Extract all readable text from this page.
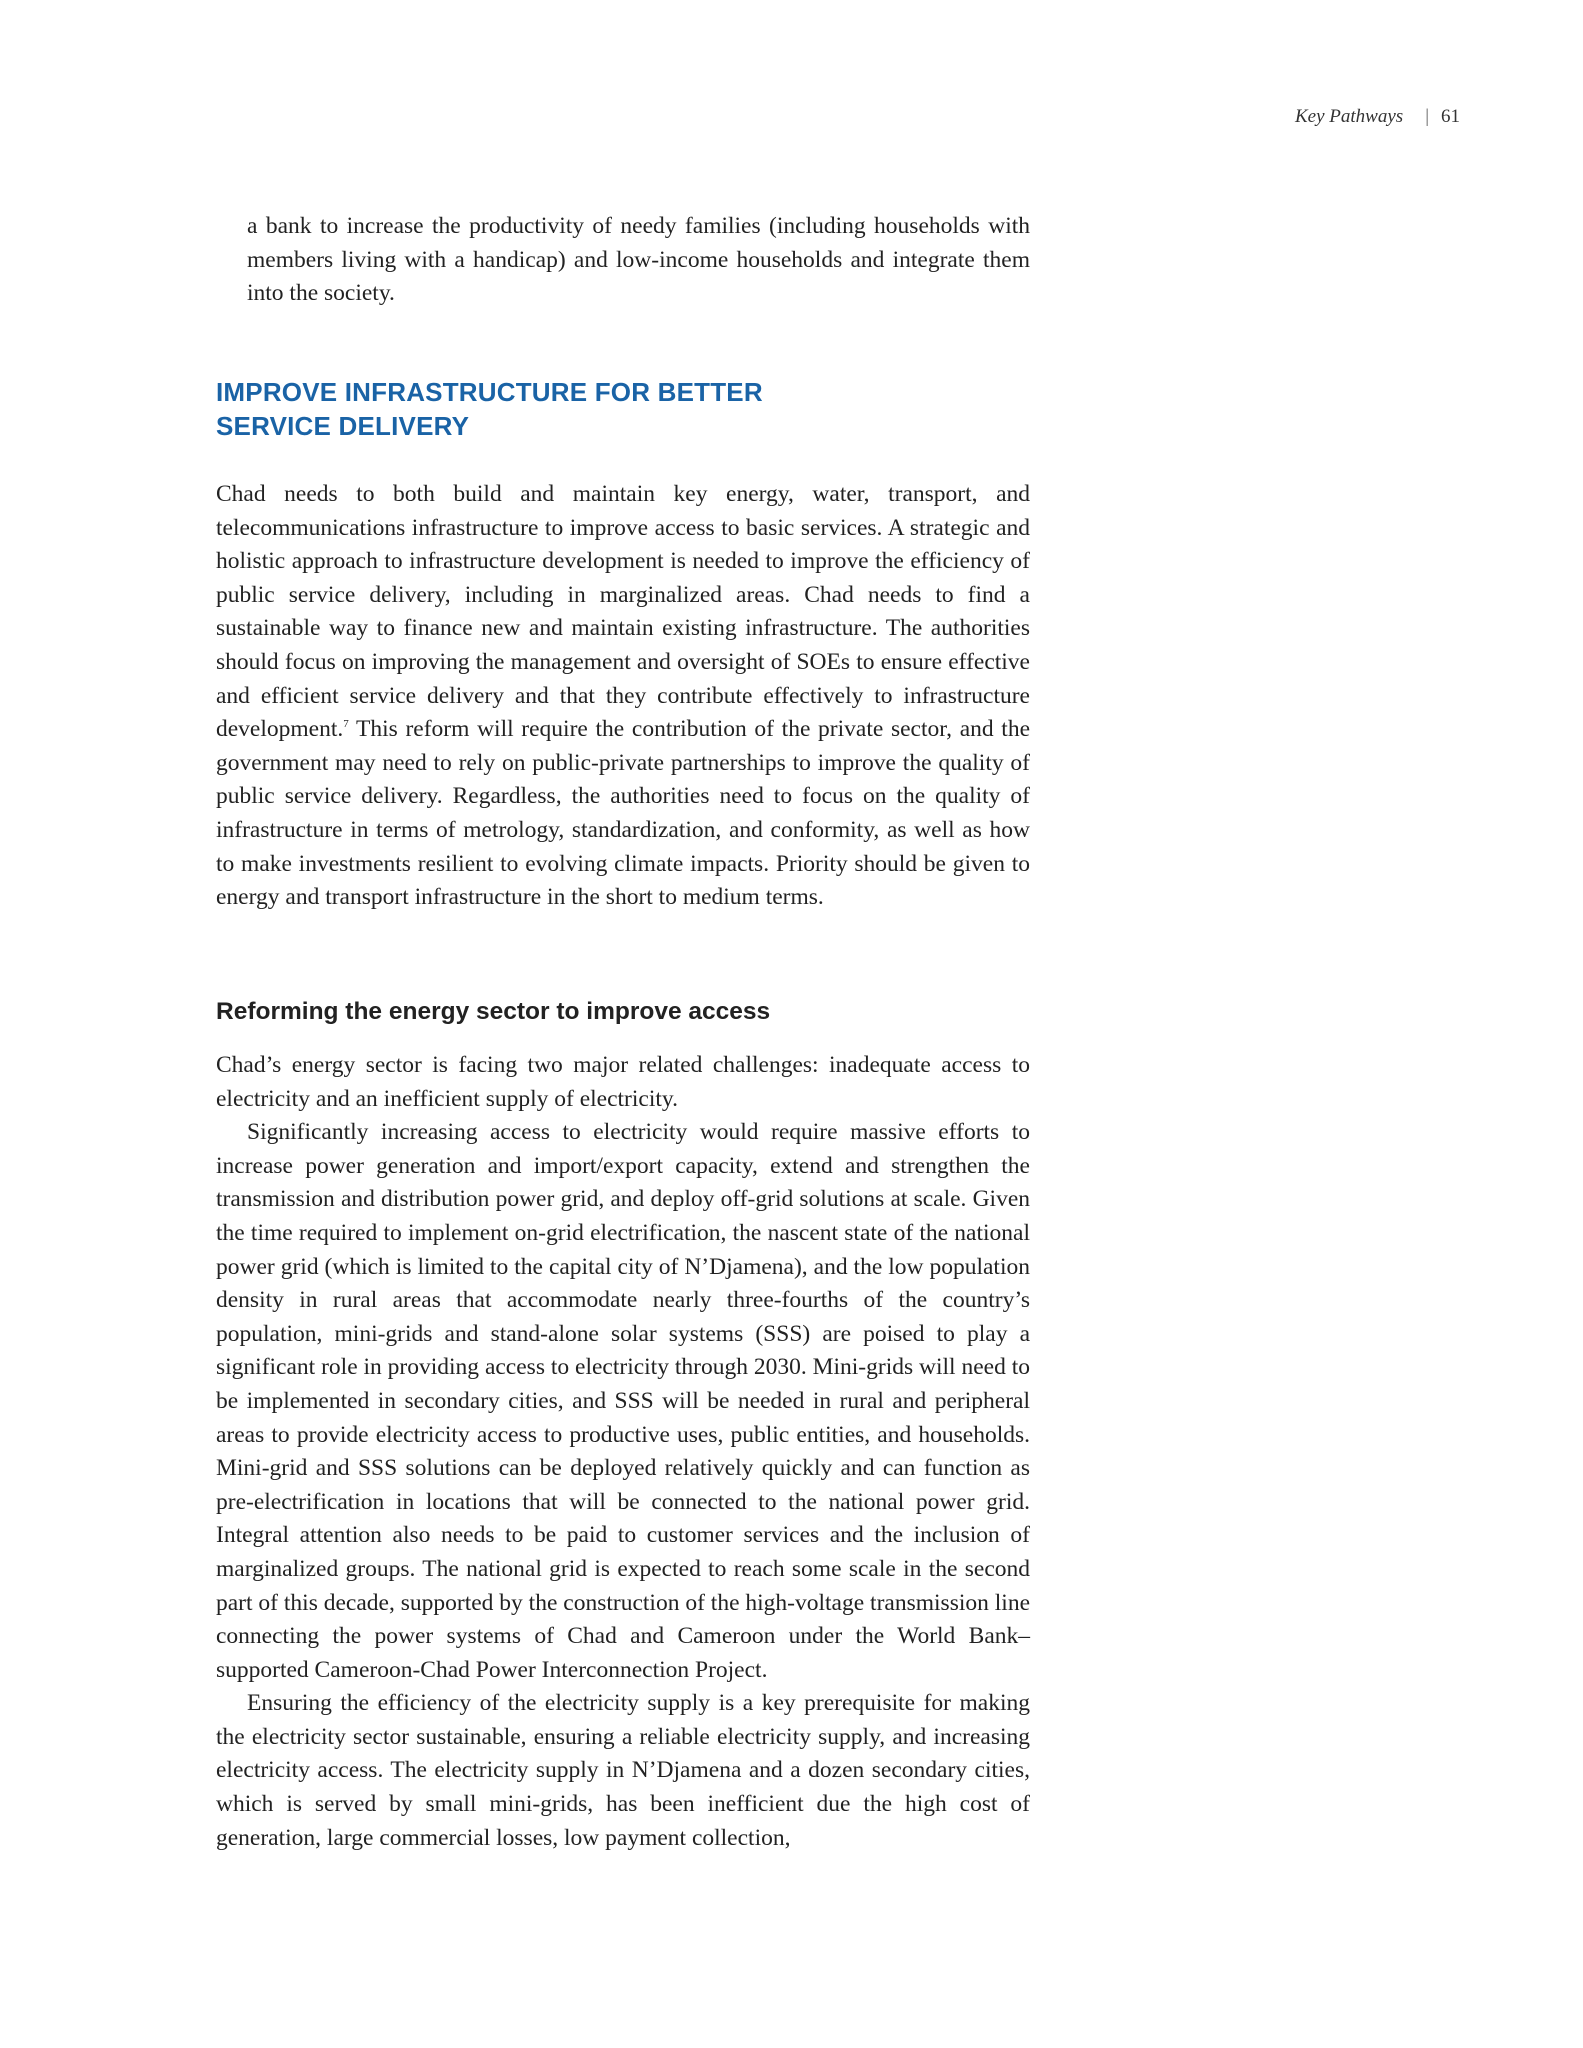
Key Pathways | 61

a bank to increase the productivity of needy families (including households with members living with a handicap) and low-income households and integrate them into the society.

IMPROVE INFRASTRUCTURE FOR BETTER
SERVICE DELIVERY

Chad needs to both build and maintain key energy, water, transport, and telecommunications infrastructure to improve access to basic services. A strategic and holistic approach to infrastructure development is needed to improve the efficiency of public service delivery, including in marginalized areas. Chad needs to find a sustainable way to finance new and maintain existing infrastructure. The authorities should focus on improving the management and oversight of SOEs to ensure effective and efficient service delivery and that they contribute effectively to infrastructure development.$^7$ This reform will require the contribution of the private sector, and the government may need to rely on public-private partnerships to improve the quality of public service delivery. Regardless, the authorities need to focus on the quality of infrastructure in terms of metrology, standardization, and conformity, as well as how to make investments resilient to evolving climate impacts. Priority should be given to energy and transport infrastructure in the short to medium terms.

Reforming the energy sector to improve access

Chad’s energy sector is facing two major related challenges: inadequate access to electricity and an inefficient supply of electricity.

Significantly increasing access to electricity would require massive efforts to increase power generation and import/export capacity, extend and strengthen the transmission and distribution power grid, and deploy off-grid solutions at scale. Given the time required to implement on-grid electrification, the nascent state of the national power grid (which is limited to the capital city of N’Djamena), and the low population density in rural areas that accommodate nearly three-fourths of the country’s population, mini-grids and stand-alone solar systems (SSS) are poised to play a significant role in providing access to electricity through 2030. Mini-grids will need to be implemented in secondary cities, and SSS will be needed in rural and peripheral areas to provide electricity access to productive uses, public entities, and households. Mini-grid and SSS solutions can be deployed relatively quickly and can function as pre-electrification in locations that will be connected to the national power grid. Integral attention also needs to be paid to customer services and the inclusion of marginalized groups. The national grid is expected to reach some scale in the second part of this decade, supported by the construction of the high-voltage transmission line connecting the power systems of Chad and Cameroon under the World Bank–supported Cameroon-Chad Power Interconnection Project.

Ensuring the efficiency of the electricity supply is a key prerequisite for making the electricity sector sustainable, ensuring a reliable electricity supply, and increasing electricity access. The electricity supply in N’Djamena and a dozen secondary cities, which is served by small mini-grids, has been inefficient due the high cost of generation, large commercial losses, low payment collection,
